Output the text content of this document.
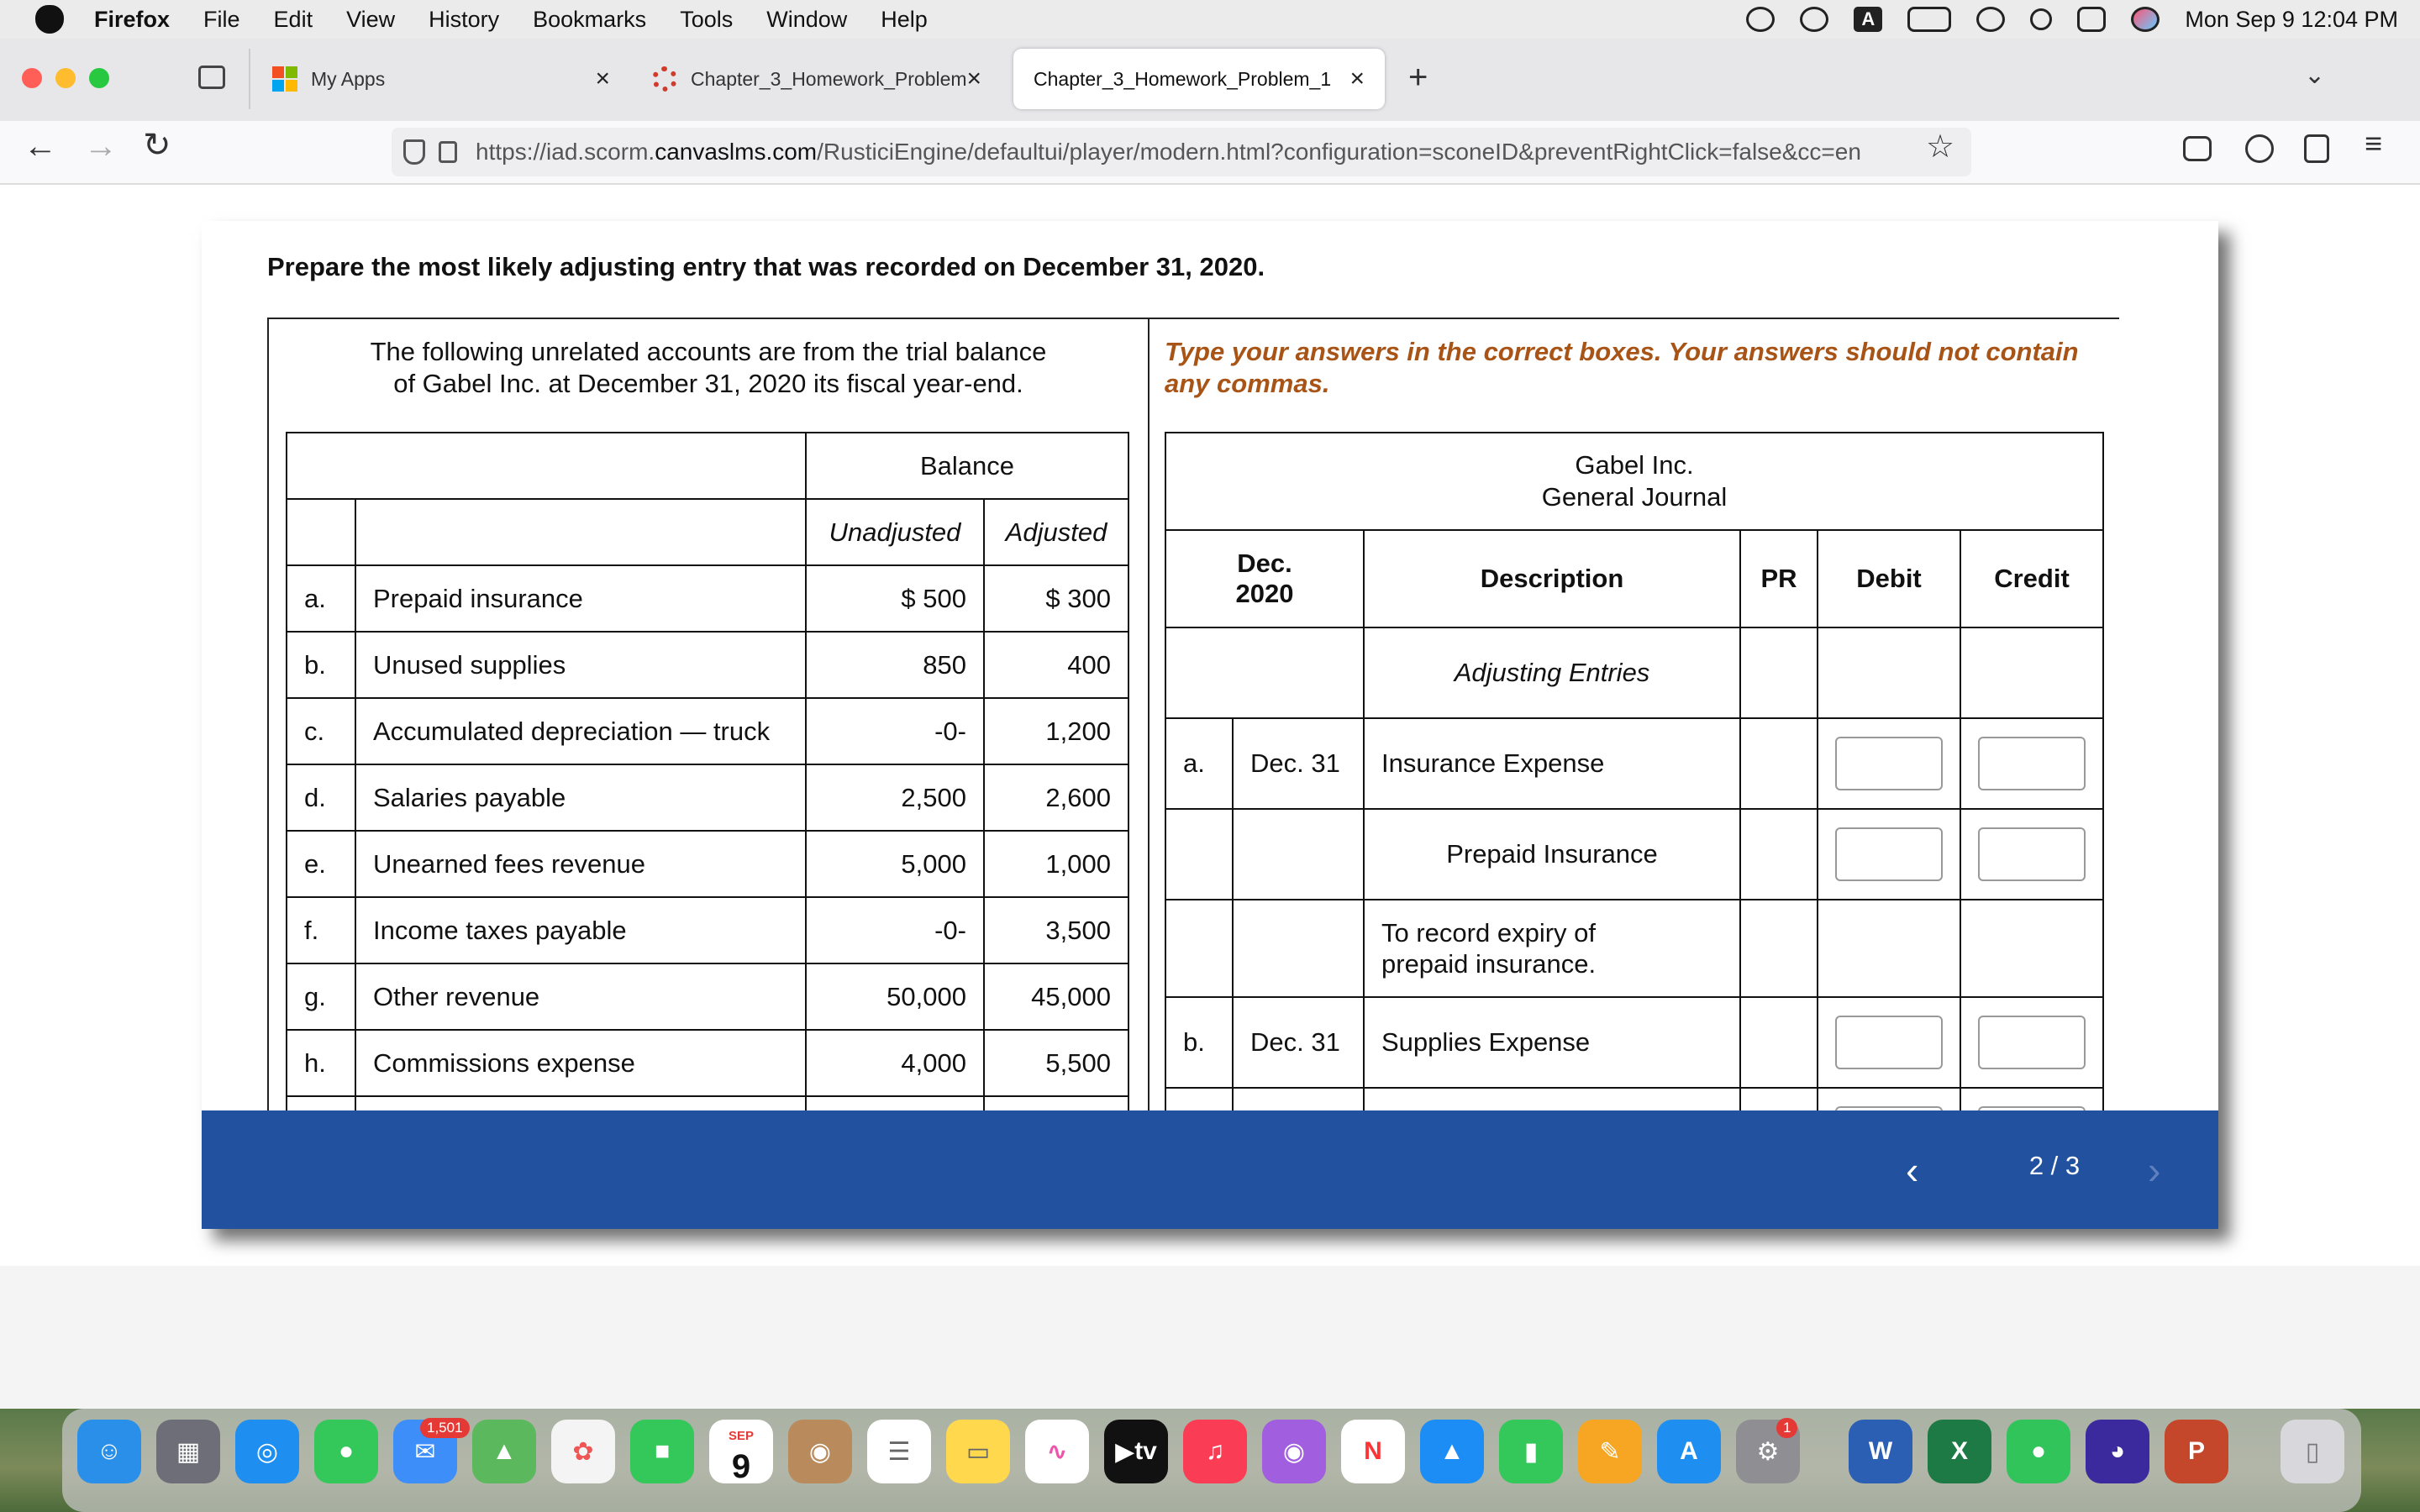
Firefox File Edit View History Bookmarks Tools Window Help	A	Mon Sep 9 12:04 PM
My Apps	×	Chapter_3_Homework_Problem ×	Chapter_3_Homework_Problem_1 × +	⌄
← → ↻	https://iad.scorm. canvaslms.com /RusticiEngine/defaultui/player/modern.html?configuration=sconeID&preventRightClick=false&cc=en ☆	≡
Prepare the most likely adjusting entry that was recorded on December 31, 2020.
The following unrelated accounts are from the trial balance of Gabel Inc. at December 31, 2020 its fiscal year-end.
Type your answers in the correct boxes. Your answers should not contain any commas.
		Balance	
		Unadjusted	Adjusted
a.	Prepaid insurance	$ 500	$ 300
b.	Unused supplies	850	400
c.	Accumulated depreciation — truck	-0-	1,200
d.	Salaries payable	2,500	2,600
e.	Unearned fees revenue	5,000	1,000
f.	Income taxes payable	-0-	3,500
g.	Other revenue	50,000	45,000
h.	Commissions expense	4,000	5,500

Gabel Inc.
General Journal					

Dec. 2020		Description	PR	Debit	Credit
		Adjusting Entries			
a.	Dec. 31	Insurance Expense			
		Prepaid Insurance			
		To record expiry of prepaid insurance.			
b.	Dec. 31	Supplies Expense			

‹	2 / 3	›
☺	▦	◎	●	✉
1,501
▲	✿	■
SEP
9	◉	☰	▭	∿	▶ tv	♫	◉	N	▲	▮	✎	A	⚙
1
W	X	●	◕	P	▯
